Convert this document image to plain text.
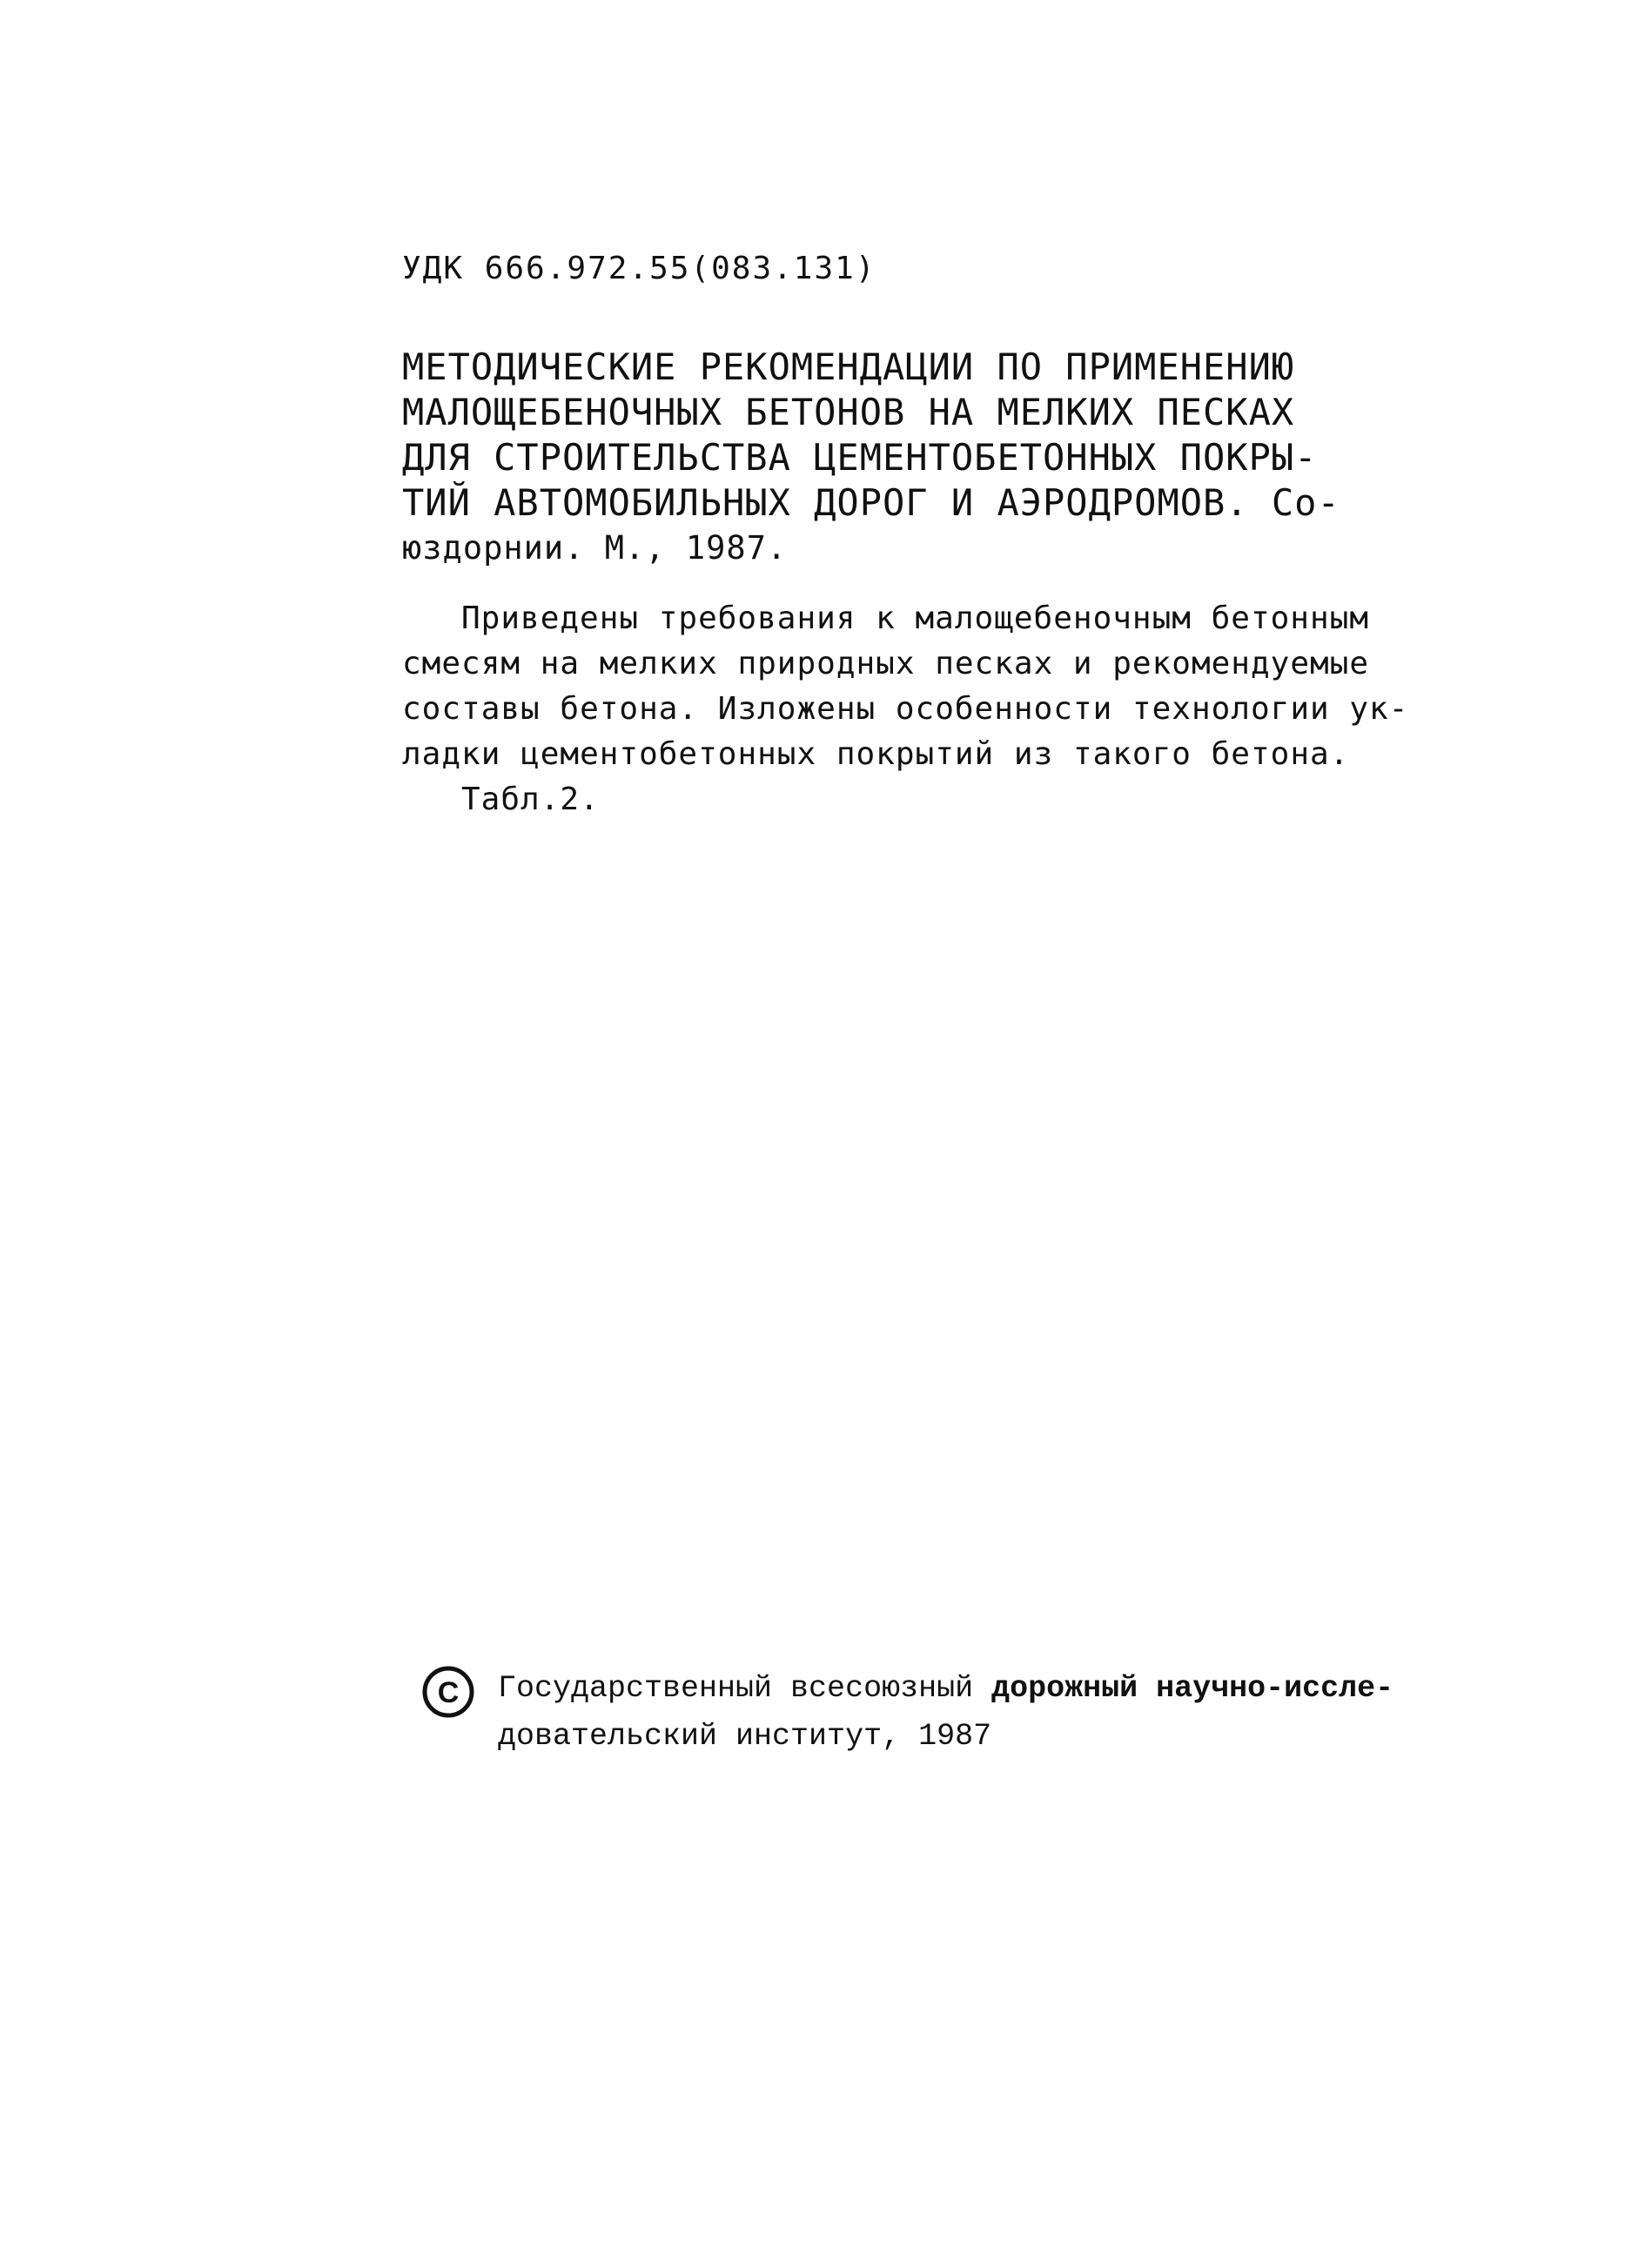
УДК 666.972.55(083.131)
МЕТОДИЧЕСКИЕ РЕКОМЕНДАЦИИ ПО ПРИМЕНЕНИЮ
МАЛОЩЕБЕНОЧНЫХ БЕТОНОВ НА МЕЛКИХ ПЕСКАХ
ДЛЯ СТРОИТЕЛЬСТВА ЦЕМЕНТОБЕТОННЫХ ПОКРЫ-
ТИЙ АВТОМОБИЛЬНЫХ ДОРОГ И АЭРОДРОМОВ. Со-
юздорнии. М., 1987.
Приведены требования к малощебеночным бетонным
смесям на мелких природных песках и рекомендуемые
составы бетона. Изложены особенности технологии ук-
ладки цементобетонных покрытий из такого бетона.
Табл.2.
C Государственный всесоюзный дорожный научно-иссле-
довательский институт, 1987
